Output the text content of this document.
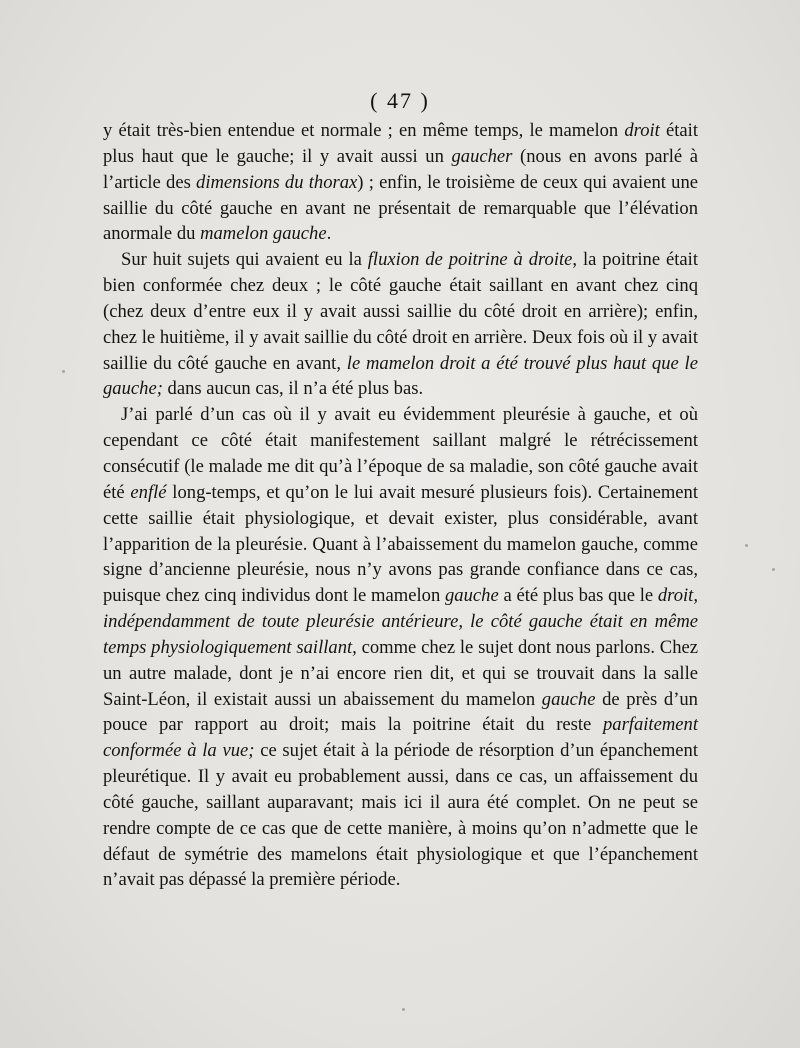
( 47 )

y était très-bien entendue et normale ; en même temps, le mamelon droit était plus haut que le gauche; il y avait aussi un gaucher (nous en avons parlé à l’article des dimensions du thorax) ; enfin, le troisième de ceux qui avaient une saillie du côté gauche en avant ne présentait de remarquable que l’élévation anormale du mamelon gauche.

Sur huit sujets qui avaient eu la fluxion de poitrine à droite, la poitrine était bien conformée chez deux ; le côté gauche était saillant en avant chez cinq (chez deux d’entre eux il y avait aussi saillie du côté droit en arrière); enfin, chez le huitième, il y avait saillie du côté droit en arrière. Deux fois où il y avait saillie du côté gauche en avant, le mamelon droit a été trouvé plus haut que le gauche; dans aucun cas, il n’a été plus bas.

J’ai parlé d’un cas où il y avait eu évidemment pleurésie à gauche, et où cependant ce côté était manifestement saillant malgré le rétrécissement consécutif (le malade me dit qu’à l’époque de sa maladie, son côté gauche avait été enflé long-temps, et qu’on le lui avait mesuré plusieurs fois). Certainement cette saillie était physiologique, et devait exister, plus considérable, avant l’apparition de la pleurésie. Quant à l’abaissement du mamelon gauche, comme signe d’ancienne pleurésie, nous n’y avons pas grande confiance dans ce cas, puisque chez cinq individus dont le mamelon gauche a été plus bas que le droit, indépendamment de toute pleurésie antérieure, le côté gauche était en même temps physiologiquement saillant, comme chez le sujet dont nous parlons. Chez un autre malade, dont je n’ai encore rien dit, et qui se trouvait dans la salle Saint-Léon, il existait aussi un abaissement du mamelon gauche de près d’un pouce par rapport au droit; mais la poitrine était du reste parfaitement conformée à la vue; ce sujet était à la période de résorption d’un épanchement pleurétique. Il y avait eu probablement aussi, dans ce cas, un affaissement du côté gauche, saillant auparavant; mais ici il aura été complet. On ne peut se rendre compte de ce cas que de cette manière, à moins qu’on n’admette que le défaut de symétrie des mamelons était physiologique et que l’épanchement n’avait pas dépassé la première période.
